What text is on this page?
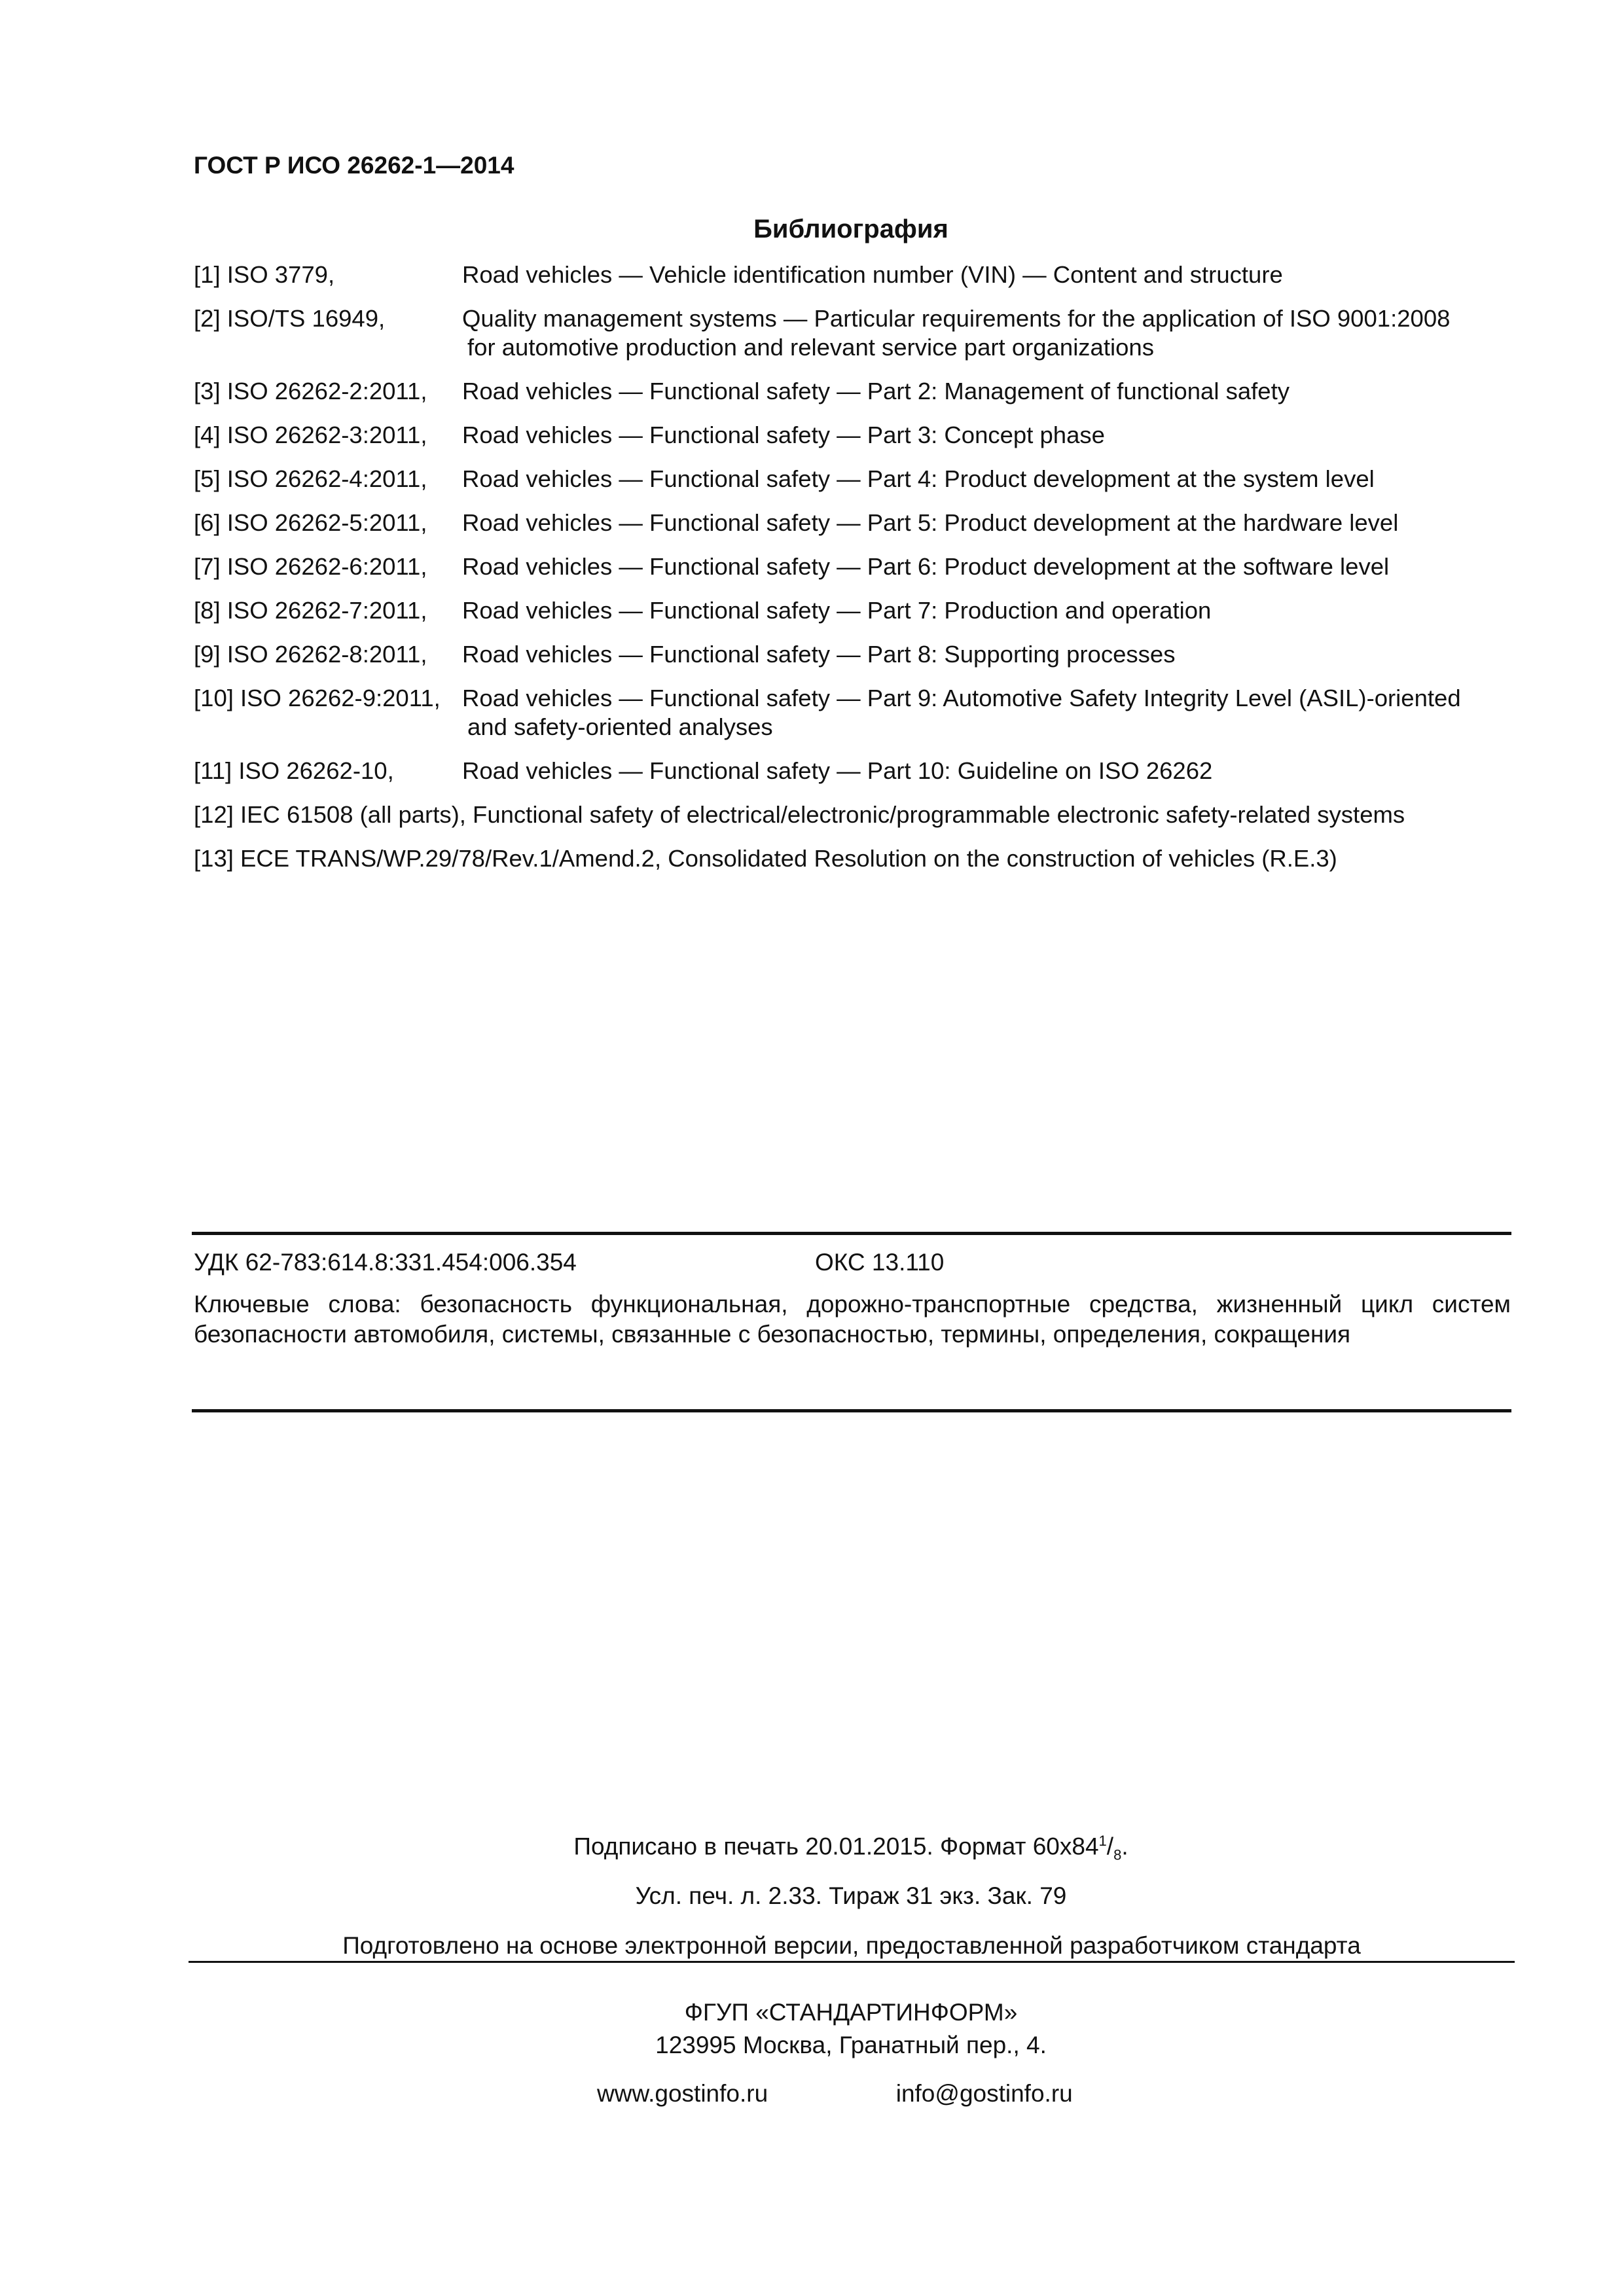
ГОСТ Р ИСО 26262-1—2014
Библиография
[1] ISO 3779,	Road vehicles — Vehicle identification number (VIN) — Content and structure
[2] ISO/TS 16949,	Quality management systems — Particular requirements for the application of ISO 9001:2008
for automotive production and relevant service part organizations
[3] ISO 26262-2:2011, Road vehicles — Functional safety — Part 2: Management of functional safety
[4] ISO 26262-3:2011, Road vehicles — Functional safety — Part 3: Concept phase
[5] ISO 26262-4:2011, Road vehicles — Functional safety — Part 4: Product development at the system level
[6] ISO 26262-5:2011, Road vehicles — Functional safety — Part 5: Product development at the hardware level
[7] ISO 26262-6:2011, Road vehicles — Functional safety — Part 6: Product development at the software level
[8] ISO 26262-7:2011, Road vehicles — Functional safety — Part 7: Production and operation
[9] ISO 26262-8:2011, Road vehicles — Functional safety — Part 8: Supporting processes
[10] ISO 26262-9:2011, Road vehicles — Functional safety — Part 9: Automotive Safety Integrity Level (ASIL)-oriented
and safety-oriented analyses
[11] ISO 26262-10,	Road vehicles — Functional safety — Part 10: Guideline on ISO 26262
[12] IEC 61508 (all parts), Functional safety of electrical/electronic/programmable electronic safety-related systems
[13] ECE TRANS/WP.29/78/Rev.1/Amend.2, Consolidated Resolution on the construction of vehicles (R.E.3)
УДК 62-783:614.8:331.454:006.354	ОКС 13.110
Ключевые слова: безопасность функциональная, дорожно-транспортные средства, жизненный цикл систем безопасности автомобиля, системы, связанные с безопасностью, термины, определения, сокращения
Подписано в печать 20.01.2015. Формат $60x84^1/_8$.
Усл. печ. л. 2.33. Тираж 31 экз. Зак. 79
Подготовлено на основе электронной версии, предоставленной разработчиком стандарта
ФГУП «СТАНДАРТИНФОРМ»
123995 Москва, Гранатный пер., 4.
www.gostinfo.ru	info@gostinfo.ru
